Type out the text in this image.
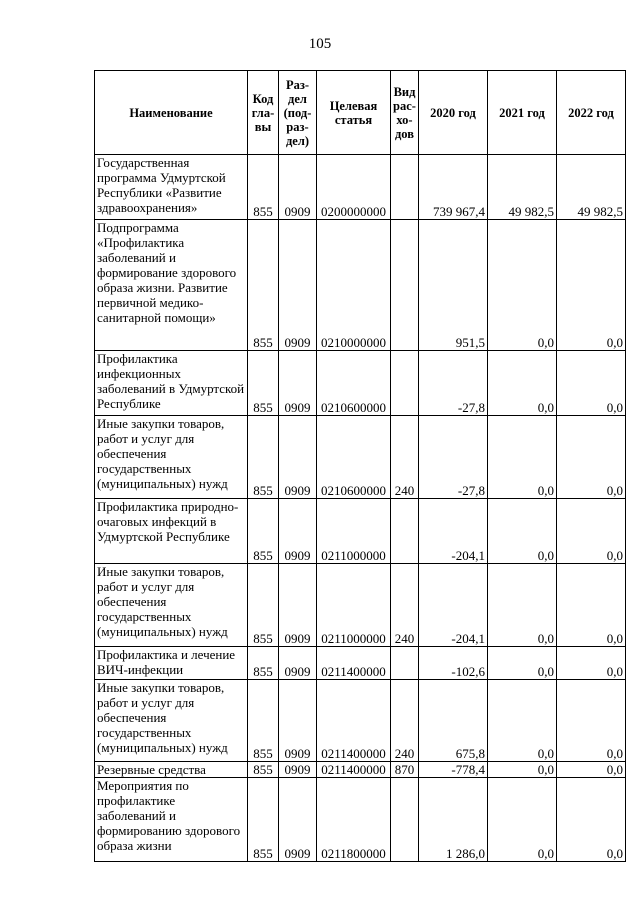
105
Наименование	Код гла- вы	Раз- дел (под- раз- дел)	Целевая статья	Вид рас- хо- дов	2020 год	2021 год	2022 год
Государственная программа Удмуртской Республики «Развитие здравоохранения»	855	0909	0200000000		739 967,4	49 982,5	49 982,5
Подпрограмма «Профилактика заболеваний и формирование здорового образа жизни. Развитие первичной медико-санитарной помощи»	855	0909	0210000000		951,5	0,0	0,0
Профилактика инфекционных заболеваний в Удмуртской Республике	855	0909	0210600000		-27,8	0,0	0,0
Иные закупки товаров, работ и услуг для обеспечения государственных (муниципальных) нужд	855	0909	0210600000	240	-27,8	0,0	0,0
Профилактика природно-очаговых инфекций в Удмуртской Республике	855	0909	0211000000		-204,1	0,0	0,0
Иные закупки товаров, работ и услуг для обеспечения государственных (муниципальных) нужд	855	0909	0211000000	240	-204,1	0,0	0,0
Профилактика и лечение ВИЧ-инфекции	855	0909	0211400000		-102,6	0,0	0,0
Иные закупки товаров, работ и услуг для обеспечения государственных (муниципальных) нужд	855	0909	0211400000	240	675,8	0,0	0,0
Резервные средства	855	0909	0211400000	870	-778,4	0,0	0,0
Мероприятия по профилактике заболеваний и формированию здорового образа жизни	855	0909	0211800000		1 286,0	0,0	0,0
